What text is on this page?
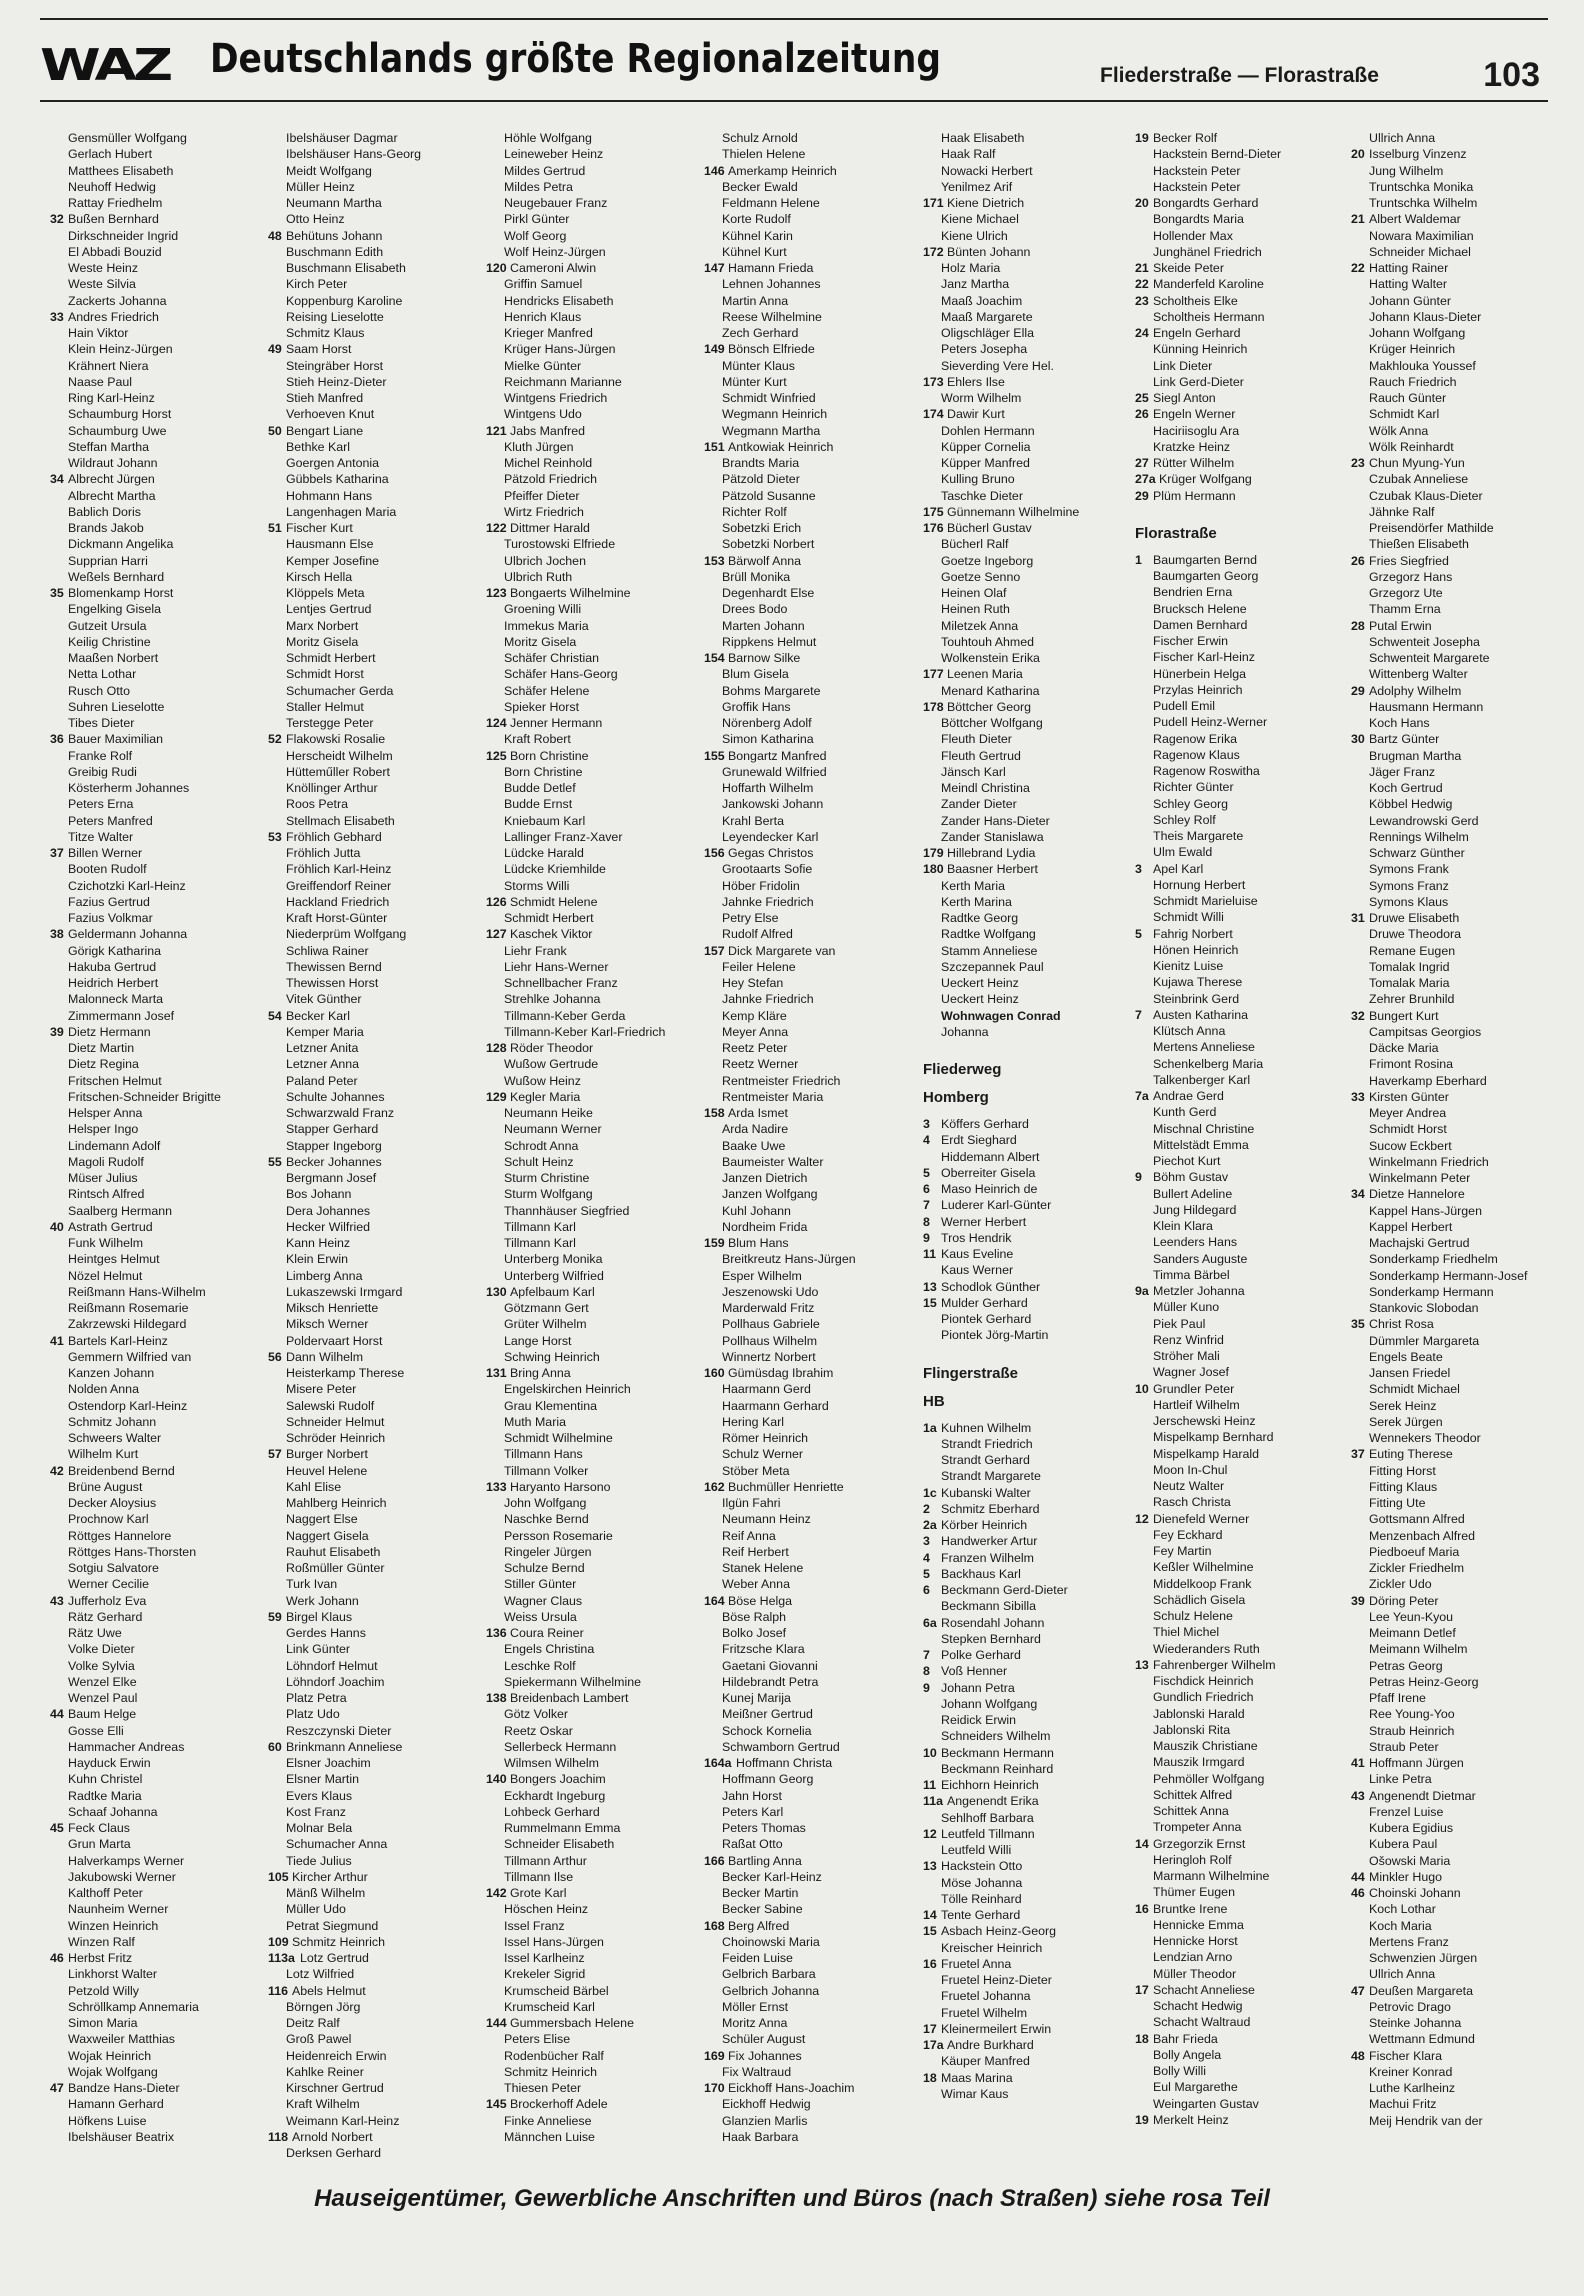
WAZ Deutschlands größte Regionalzeitung	Fliederstraße — Florastraße	103
Gensmüller Wolfgang
Gerlach Hubert
Matthees Elisabeth
Neuhoff Hedwig
Rattay Friedhelm
32 Bußen Bernhard
Dirkschneider Ingrid
El Abbadi Bouzid
Weste Heinz
Weste Silvia
Zackerts Johanna
33 Andres Friedrich
Hain Viktor
Klein Heinz-Jürgen
Krähnert Niera
Naase Paul
Ring Karl-Heinz
Schaumburg Horst
Schaumburg Uwe
Steffan Martha
Wildraut Johann
34 Albrecht Jürgen
Albrecht Martha
Bablich Doris
Brands Jakob
Dickmann Angelika
Supprian Harri
Weßels Bernhard
35 Blomenkamp Horst
Engelking Gisela
Gutzeit Ursula
Keilig Christine
Maaßen Norbert
Netta Lothar
Rusch Otto
Suhren Lieselotte
Tibes Dieter
36 Bauer Maximilian
Franke Rolf
Greibig Rudi
Kösterherm Johannes
Peters Erna
Peters Manfred
Titze Walter
37 Billen Werner
Booten Rudolf
Czichotzki Karl-Heinz
Fazius Gertrud
Fazius Volkmar
38 Geldermann Johanna
Görigk Katharina
Hakuba Gertrud
Heidrich Herbert
Malonneck Marta
Zimmermann Josef
39 Dietz Hermann
Dietz Martin
Dietz Regina
Fritschen Helmut
Fritschen-Schneider Brigitte
Helsper Anna
Helsper Ingo
Lindemann Adolf
Magoli Rudolf
Müser Julius
Rintsch Alfred
Saalberg Hermann
40 Astrath Gertrud
Funk Wilhelm
Heintges Helmut
Nözel Helmut
Reißmann Hans-Wilhelm
Reißmann Rosemarie
Zakrzewski Hildegard
41 Bartels Karl-Heinz
Gemmern Wilfried van
Kanzen Johann
Nolden Anna
Ostendorp Karl-Heinz
Schmitz Johann
Schweers Walter
Wilhelm Kurt
42 Breidenbend Bernd
Brüne August
Decker Aloysius
Prochnow Karl
Röttges Hannelore
Röttges Hans-Thorsten
Sotgiu Salvatore
Werner Cecilie
43 Jufferholz Eva
Rätz Gerhard
Rätz Uwe
Volke Dieter
Volke Sylvia
Wenzel Elke
Wenzel Paul
44 Baum Helge
Gosse Elli
Hammacher Andreas
Hayduck Erwin
Kuhn Christel
Radtke Maria
Schaaf Johanna
45 Feck Claus
Grun Marta
Halverkamps Werner
Jakubowski Werner
Kalthoff Peter
Naunheim Werner
Winzen Heinrich
Winzen Ralf
46 Herbst Fritz
Linkhorst Walter
Petzold Willy
Schröllkamp Annemaria
Simon Maria
Waxweiler Matthias
Wojak Heinrich
Wojak Wolfgang
47 Bandze Hans-Dieter
Hamann Gerhard
Höfkens Luise
Ibelshäuser Beatrix
Ibelshäuser Dagmar
Ibelshäuser Hans-Georg
Meidt Wolfgang
Müller Heinz
Neumann Martha
Otto Heinz
48 Behütuns Johann
Buschmann Edith
Buschmann Elisabeth
Kirch Peter
Koppenburg Karoline
Reising Lieselotte
Schmitz Klaus
49 Saam Horst
Steingräber Horst
Stieh Heinz-Dieter
Stieh Manfred
Verhoeven Knut
50 Bengart Liane
Bethke Karl
Goergen Antonia
Gübbels Katharina
Hohmann Hans
Langenhagen Maria
51 Fischer Kurt
Hausmann Else
Kemper Josefine
Kirsch Hella
Klöppels Meta
Lentjes Gertrud
Marx Norbert
Moritz Gisela
Schmidt Herbert
Schmidt Horst
Schumacher Gerda
Staller Helmut
Terstegge Peter
52 Flakowski Rosalie
Herscheidt Wilhelm
Hütteműller Robert
Knöllinger Arthur
Roos Petra
Stellmach Elisabeth
53 Fröhlich Gebhard
Fröhlich Jutta
Fröhlich Karl-Heinz
Greiffendorf Reiner
Hackland Friedrich
Kraft Horst-Günter
Niederprüm Wolfgang
Schliwa Rainer
Thewissen Bernd
Thewissen Horst
Vitek Günther
54 Becker Karl
Kemper Maria
Letzner Anita
Letzner Anna
Paland Peter
Schulte Johannes
Schwarzwald Franz
Stapper Gerhard
Stapper Ingeborg
55 Becker Johannes
Bergmann Josef
Bos Johann
Dera Johannes
Hecker Wilfried
Kann Heinz
Klein Erwin
Limberg Anna
Lukaszewski Irmgard
Miksch Henriette
Miksch Werner
Poldervaart Horst
56 Dann Wilhelm
Heisterkamp Therese
Misere Peter
Salewski Rudolf
Schneider Helmut
Schröder Heinrich
57 Burger Norbert
Heuvel Helene
Kahl Elise
Mahlberg Heinrich
Naggert Else
Naggert Gisela
Rauhut Elisabeth
Roßmüller Günter
Turk Ivan
Werk Johann
59 Birgel Klaus
Gerdes Hanns
Link Günter
Löhndorf Helmut
Löhndorf Joachim
Platz Petra
Platz Udo
Reszczynski Dieter
60 Brinkmann Anneliese
Elsner Joachim
Elsner Martin
Evers Klaus
Kost Franz
Molnar Bela
Schumacher Anna
Tiede Julius
105 Kircher Arthur
Mänß Wilhelm
Müller Udo
Petrat Siegmund
109 Schmitz Heinrich
113a Lotz Gertrud
Lotz Wilfried
116 Abels Helmut
Börngen Jörg
Deitz Ralf
Groß Pawel
Heidenreich Erwin
Kahlke Reiner
Kirschner Gertrud
Kraft Wilhelm
Weimann Karl-Heinz
118 Arnold Norbert
Derksen Gerhard
Höhle Wolfgang
Leineweber Heinz
Mildes Gertrud
Mildes Petra
Neugebauer Franz
Pirkl Günter
Wolf Georg
Wolf Heinz-Jürgen
120 Cameroni Alwin
Griffin Samuel
Hendricks Elisabeth
Henrich Klaus
Krieger Manfred
Krüger Hans-Jürgen
Mielke Günter
Reichmann Marianne
Wintgens Friedrich
Wintgens Udo
121 Jabs Manfred
Kluth Jürgen
Michel Reinhold
Pätzold Friedrich
Pfeiffer Dieter
Wirtz Friedrich
122 Dittmer Harald
Turostowski Elfriede
Ulbrich Jochen
Ulbrich Ruth
123 Bongaerts Wilhelmine
Groening Willi
Immekus Maria
Moritz Gisela
Schäfer Christian
Schäfer Hans-Georg
Schäfer Helene
Spieker Horst
124 Jenner Hermann
Kraft Robert
125 Born Christine
Born Christine
Budde Detlef
Budde Ernst
Kniebaum Karl
Lallinger Franz-Xaver
Lüdcke Harald
Lüdcke Kriemhilde
Storms Willi
126 Schmidt Helene
Schmidt Herbert
127 Kaschek Viktor
Liehr Frank
Liehr Hans-Werner
Schnellbacher Franz
Strehlke Johanna
Tillmann-Keber Gerda
Tillmann-Keber Karl-Friedrich
128 Röder Theodor
Wußow Gertrude
Wußow Heinz
129 Kegler Maria
Neumann Heike
Neumann Werner
Schrodt Anna
Schult Heinz
Sturm Christine
Sturm Wolfgang
Thannhäuser Siegfried
Tillmann Karl
Tillmann Karl
Unterberg Monika
Unterberg Wilfried
130 Apfelbaum Karl
Götzmann Gert
Grüter Wilhelm
Lange Horst
Schwing Heinrich
131 Bring Anna
Engelskirchen Heinrich
Grau Klementina
Muth Maria
Schmidt Wilhelmine
Tillmann Hans
Tillmann Volker
133 Haryanto Harsono
John Wolfgang
Naschke Bernd
Persson Rosemarie
Ringeler Jürgen
Schulze Bernd
Stiller Günter
Wagner Claus
Weiss Ursula
136 Coura Reiner
Engels Christina
Leschke Rolf
Spiekermann Wilhelmine
138 Breidenbach Lambert
Götz Volker
Reetz Oskar
Sellerbeck Hermann
Wilmsen Wilhelm
140 Bongers Joachim
Eckhardt Ingeburg
Lohbeck Gerhard
Rummelmann Emma
Schneider Elisabeth
Tillmann Arthur
Tillmann Ilse
142 Grote Karl
Höschen Heinz
Issel Franz
Issel Hans-Jürgen
Issel Karlheinz
Krekeler Sigrid
Krumscheid Bärbel
Krumscheid Karl
144 Gummersbach Helene
Peters Elise
Rodenbücher Ralf
Schmitz Heinrich
Thiesen Peter
145 Brockerhoff Adele
Finke Anneliese
Männchen Luise
Schulz Arnold
Thielen Helene
146 Amerkamp Heinrich
Becker Ewald
Feldmann Helene
Korte Rudolf
Kühnel Karin
Kühnel Kurt
147 Hamann Frieda
Lehnen Johannes
Martin Anna
Reese Wilhelmine
Zech Gerhard
149 Bönsch Elfriede
Münter Klaus
Münter Kurt
Schmidt Winfried
Wegmann Heinrich
Wegmann Martha
151 Antkowiak Heinrich
Brandts Maria
Pätzold Dieter
Pätzold Susanne
Richter Rolf
Sobetzki Erich
Sobetzki Norbert
153 Bärwolf Anna
Brüll Monika
Degenhardt Else
Drees Bodo
Marten Johann
Rippkens Helmut
154 Barnow Silke
Blum Gisela
Bohms Margarete
Groffik Hans
Nörenberg Adolf
Simon Katharina
155 Bongartz Manfred
Grunewald Wilfried
Hoffarth Wilhelm
Jankowski Johann
Krahl Berta
Leyendecker Karl
156 Gegas Christos
Grootaarts Sofie
Höber Fridolin
Jahnke Friedrich
Petry Else
Rudolf Alfred
157 Dick Margarete van
Feiler Helene
Hey Stefan
Jahnke Friedrich
Kemp Kläre
Meyer Anna
Reetz Peter
Reetz Werner
Rentmeister Friedrich
Rentmeister Maria
158 Arda Ismet
Arda Nadire
Baake Uwe
Baumeister Walter
Janzen Dietrich
Janzen Wolfgang
Kuhl Johann
Nordheim Frida
159 Blum Hans
Breitkreutz Hans-Jürgen
Esper Wilhelm
Jeszenowski Udo
Marderwald Fritz
Pollhaus Gabriele
Pollhaus Wilhelm
Winnertz Norbert
160 Gümüsdag Ibrahim
Haarmann Gerd
Haarmann Gerhard
Hering Karl
Römer Heinrich
Schulz Werner
Stöber Meta
162 Buchmüller Henriette
Ilgün Fahri
Neumann Heinz
Reif Anna
Reif Herbert
Stanek Helene
Weber Anna
164 Böse Helga
Böse Ralph
Bolko Josef
Fritzsche Klara
Gaetani Giovanni
Hildebrandt Petra
Kunej Marija
Meißner Gertrud
Schock Kornelia
Schwamborn Gertrud
164a Hoffmann Christa
Hoffmann Georg
Jahn Horst
Peters Karl
Peters Thomas
Raßat Otto
166 Bartling Anna
Becker Karl-Heinz
Becker Martin
Becker Sabine
168 Berg Alfred
Choinowski Maria
Feiden Luise
Gelbrich Barbara
Gelbrich Johanna
Möller Ernst
Moritz Anna
Schüler August
169 Fix Johannes
Fix Waltraud
170 Eickhoff Hans-Joachim
Eickhoff Hedwig
Glanzien Marlis
Haak Barbara
Haak Elisabeth
Haak Ralf
Nowacki Herbert
Yenilmez Arif
171 Kiene Dietrich
Kiene Michael
Kiene Ulrich
172 Bünten Johann
Holz Maria
Janz Martha
Maaß Joachim
Maaß Margarete
Oligschläger Ella
Peters Josepha
Sieverding Vere Hel.
173 Ehlers Ilse
Worm Wilhelm
174 Dawir Kurt
Dohlen Hermann
Küpper Cornelia
Küpper Manfred
Kulling Bruno
Taschke Dieter
175 Günnemann Wilhelmine
176 Bücherl Gustav
Bücherl Ralf
Goetze Ingeborg
Goetze Senno
Heinen Olaf
Heinen Ruth
Miletzek Anna
Touhtouh Ahmed
Wolkenstein Erika
177 Leenen Maria
Menard Katharina
178 Böttcher Georg
Böttcher Wolfgang
Fleuth Dieter
Fleuth Gertrud
Jänsch Karl
Meindl Christina
Zander Dieter
Zander Hans-Dieter
Zander Stanislawa
179 Hillebrand Lydia
180 Baasner Herbert
Kerth Maria
Kerth Marina
Radtke Georg
Radtke Wolfgang
Stamm Anneliese
Szczepannek Paul
Ueckert Heinz
Ueckert Heinz
Wohnwagen Conrad
Johanna
Fliederweg
Homberg
3 Köffers Gerhard
4 Erdt Sieghard
Hiddemann Albert
5 Oberreiter Gisela
6 Maso Heinrich de
7 Luderer Karl-Günter
8 Werner Herbert
9 Tros Hendrik
11 Kaus Eveline
Kaus Werner
13 Schodlok Günther
15 Mulder Gerhard
Piontek Gerhard
Piontek Jörg-Martin
Flingerstraße
HB
1a Kuhnen Wilhelm
Strandt Friedrich
Strandt Gerhard
Strandt Margarete
1c Kubanski Walter
2 Schmitz Eberhard
2a Körber Heinrich
3 Handwerker Artur
4 Franzen Wilhelm
5 Backhaus Karl
6 Beckmann Gerd-Dieter
Beckmann Sibilla
6a Rosendahl Johann
Stepken Bernhard
7 Polke Gerhard
8 Voß Henner
9 Johann Petra
Johann Wolfgang
Reidick Erwin
Schneiders Wilhelm
10 Beckmann Hermann
Beckmann Reinhard
11 Eichhorn Heinrich
11a Angenendt Erika
Sehlhoff Barbara
12 Leutfeld Tillmann
Leutfeld Willi
13 Hackstein Otto
Möse Johanna
Tölle Reinhard
14 Tente Gerhard
15 Asbach Heinz-Georg
Kreischer Heinrich
16 Fruetel Anna
Fruetel Heinz-Dieter
Fruetel Johanna
Fruetel Wilhelm
17 Kleinermeilert Erwin
17a Andre Burkhard
Käuper Manfred
18 Maas Marina
Wimar Kaus
19 Becker Rolf
Hackstein Bernd-Dieter
Hackstein Peter
Hackstein Peter
20 Bongardts Gerhard
Bongardts Maria
Hollender Max
Junghänel Friedrich
21 Skeide Peter
22 Manderfeld Karoline
23 Scholtheis Elke
Scholtheis Hermann
24 Engeln Gerhard
Künning Heinrich
Link Dieter
Link Gerd-Dieter
25 Siegl Anton
26 Engeln Werner
Haciriisoglu Ara
Kratzke Heinz
27 Rütter Wilhelm
27a Krüger Wolfgang
29 Plüm Hermann
Florastraße
1 Baumgarten Bernd
Baumgarten Georg
Bendrien Erna
Brucksch Helene
Damen Bernhard
Fischer Erwin
Fischer Karl-Heinz
Hünerbein Helga
Przylas Heinrich
Pudell Emil
Pudell Heinz-Werner
Ragenow Erika
Ragenow Klaus
Ragenow Roswitha
Richter Günter
Schley Georg
Schley Rolf
Theis Margarete
Ulm Ewald
3 Apel Karl
Hornung Herbert
Schmidt Marieluise
Schmidt Willi
5 Fahrig Norbert
Hönen Heinrich
Kienitz Luise
Kujawa Therese
Steinbrink Gerd
7 Austen Katharina
Klütsch Anna
Mertens Anneliese
Schenkelberg Maria
Talkenberger Karl
7a Andrae Gerd
Kunth Gerd
Mischnal Christine
Mittelstädt Emma
Piechot Kurt
9 Böhm Gustav
Bullert Adeline
Jung Hildegard
Klein Klara
Leenders Hans
Sanders Auguste
Timma Bärbel
9a Metzler Johanna
Müller Kuno
Piek Paul
Renz Winfrid
Ströher Mali
Wagner Josef
10 Grundler Peter
Hartleif Wilhelm
Jerschewski Heinz
Mispelkamp Bernhard
Mispelkamp Harald
Moon In-Chul
Neutz Walter
Rasch Christa
12 Dienefeld Werner
Fey Eckhard
Fey Martin
Keßler Wilhelmine
Middelkoop Frank
Schädlich Gisela
Schulz Helene
Thiel Michel
Wiederanders Ruth
13 Fahrenberger Wilhelm
Fischdick Heinrich
Gundlich Friedrich
Jablonski Harald
Jablonski Rita
Mauszik Christiane
Mauszik Irmgard
Pehmöller Wolfgang
Schittek Alfred
Schittek Anna
Trompeter Anna
14 Grzegorzik Ernst
Heringloh Rolf
Marmann Wilhelmine
Thümer Eugen
16 Bruntke Irene
Hennicke Emma
Hennicke Horst
Lendzian Arno
Müller Theodor
17 Schacht Anneliese
Schacht Hedwig
Schacht Waltraud
18 Bahr Frieda
Bolly Angela
Bolly Willi
Eul Margarethe
Weingarten Gustav
19 Merkelt Heinz
Ullrich Anna
20 Isselburg Vinzenz
Jung Wilhelm
Truntschka Monika
Truntschka Wilhelm
21 Albert Waldemar
Nowara Maximilian
Schneider Michael
22 Hatting Rainer
Hatting Walter
Johann Günter
Johann Klaus-Dieter
Johann Wolfgang
Krüger Heinrich
Makhlouka Youssef
Rauch Friedrich
Rauch Günter
Schmidt Karl
Wölk Anna
Wölk Reinhardt
23 Chun Myung-Yun
Czubak Anneliese
Czubak Klaus-Dieter
Jähnke Ralf
Preisendörfer Mathilde
Thießen Elisabeth
26 Fries Siegfried
Grzegorz Hans
Grzegorz Ute
Thamm Erna
28 Putal Erwin
Schwenteit Josepha
Schwenteit Margarete
Wittenberg Walter
29 Adolphy Wilhelm
Hausmann Hermann
Koch Hans
30 Bartz Günter
Brugman Martha
Jäger Franz
Koch Gertrud
Köbbel Hedwig
Lewandrowski Gerd
Rennings Wilhelm
Schwarz Günther
Symons Frank
Symons Franz
Symons Klaus
31 Druwe Elisabeth
Druwe Theodora
Remane Eugen
Tomalak Ingrid
Tomalak Maria
Zehrer Brunhild
32 Bungert Kurt
Campitsas Georgios
Däcke Maria
Frimont Rosina
Haverkamp Eberhard
33 Kirsten Günter
Meyer Andrea
Schmidt Horst
Sucow Eckbert
Winkelmann Friedrich
Winkelmann Peter
34 Dietze Hannelore
Kappel Hans-Jürgen
Kappel Herbert
Machajski Gertrud
Sonderkamp Friedhelm
Sonderkamp Hermann-Josef
Sonderkamp Hermann
Stankovic Slobodan
35 Christ Rosa
Dümmler Margareta
Engels Beate
Jansen Friedel
Schmidt Michael
Serek Heinz
Serek Jürgen
Wennekers Theodor
37 Euting Therese
Fitting Horst
Fitting Klaus
Fitting Ute
Gottsmann Alfred
Menzenbach Alfred
Piedboeuf Maria
Zickler Friedhelm
Zickler Udo
39 Döring Peter
Lee Yeun-Kyou
Meimann Detlef
Meimann Wilhelm
Petras Georg
Petras Heinz-Georg
Pfaff Irene
Ree Young-Yoo
Straub Heinrich
Straub Peter
41 Hoffmann Jürgen
Linke Petra
43 Angenendt Dietmar
Frenzel Luise
Kubera Egidius
Kubera Paul
Ošowski Maria
44 Minkler Hugo
46 Choinski Johann
Koch Lothar
Koch Maria
Mertens Franz
Schwenzien Jürgen
Ullrich Anna
47 Deußen Margareta
Petrovic Drago
Steinke Johanna
Wettmann Edmund
48 Fischer Klara
Kreiner Konrad
Luthe Karlheinz
Machui Fritz
Meij Hendrik van der
Hauseigentümer, Gewerbliche Anschriften und Büros (nach Straßen) siehe rosa Teil
